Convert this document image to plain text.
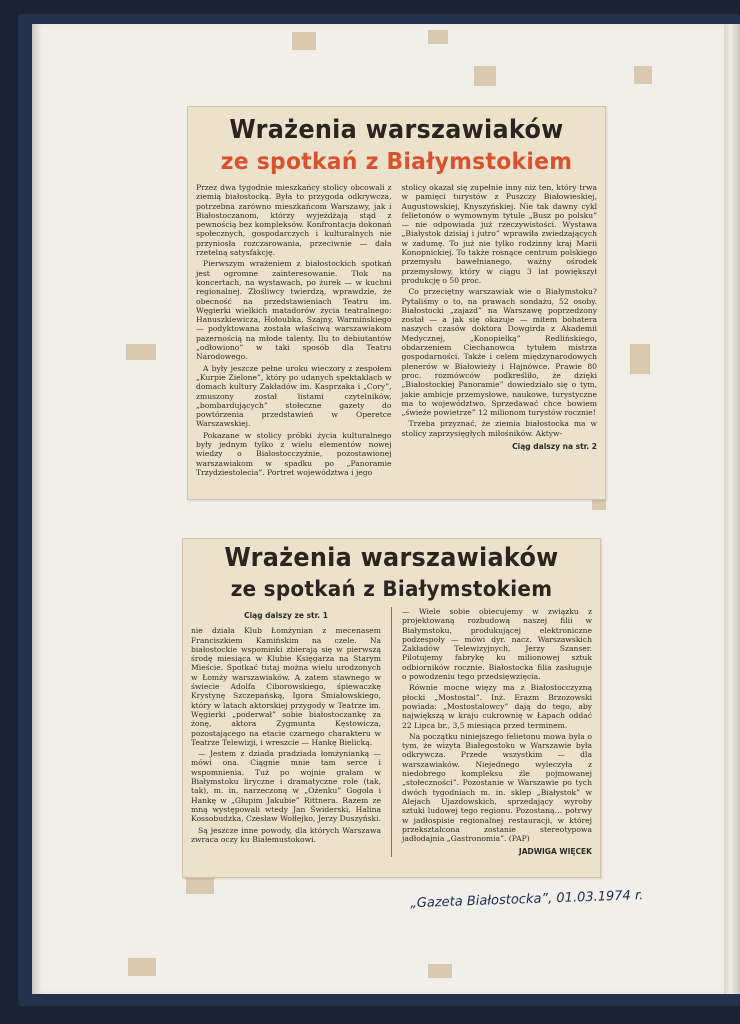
Wrażenia warszawiaków
ze spotkań z Białymstokiem

Przez dwa tygodnie mieszkańcy stolicy obcowali z ziemią białostocką. Była to przygoda odkrywcza, potrzebna zarówno mieszkańcom Warszawy, jak i Białostoczanom, którzy wyjeżdżają stąd z pewnością bez kompleksów. Konfrontacja dokonań społecznych, gospodarczych i kulturalnych nie przyniosła rozczarowania, przeciwnie — dała rzetelną satysfakcję.

Pierwszym wrażeniem z białostockich spotkań jest ogromne zainteresowanie. Tłok na koncertach, na wystawach, po żurek — w kuchni regionalnej. Złośliwcy twierdzą, wprawdzie, że obecność na przedstawieniach Teatru im. Węgierki wielkich matadorów życia teatralnego: Hanuszkiewicza, Hołoubka, Szajny, Warmińskiego — podyktowana została właściwą warszawiakom pazernością na młode talenty. Ilu to debiutantów „odłowiono” w taki sposób dla Teatru Narodowego.

A były jeszcze pełne uroku wieczory z zespołem „Kurpie Zielone”, który po udanych spektaklach w domach kultury Zakładów im. Kasprzaka i „Cory”, zmuszony został listami czytelników, „bombardujących” stołeczne gazety do powtórzenia przedstawień w Operetce Warszawskiej.

Pokazane w stolicy próbki życia kulturalnego były jednym tylko z wielu elementów nowej wiedzy o Białostocczyźnie, pozostawionej warszawiakom w spadku po „Panoramie Trzydziestolecia”. Portret województwa i jego

stolicy okazał się zupełnie inny niż ten, który trwa w pamięci turystów z Puszczy Białowieskiej, Augustowskiej, Knyszyńskiej. Nie tak dawny cykl felietonów o wymownym tytule „Busz po polsku” — nie odpowiada już rzeczywistości. Wystawa „Białystok dzisiaj i jutro” wprawiła zwiedzających w zadumę. To już nie tylko rodzinny kraj Marii Konopnickiej. To także rosnące centrum polskiego przemysłu bawełnianego, ważny ośrodek przemysłowy, który w ciągu 3 lat powiększył produkcję o 50 proc.

Co przeciętny warszawiak wie o Białymstoku? Pytaliśmy o to, na prawach sondażu, 52 osoby. Białostocki „zajazd” na Warszawę poprzedzony został — a jak się okazuje — mitem bohatera naszych czasów doktora Dowgirda z Akademii Medycznej, „Konopielką” Redlińskiego, obdarzeniem Ciechanowca tytułem mistrza gospodarności. Także i celem międzynarodowych plenerów w Białowieży i Hajnówce. Prawie 80 proc. rozmówców podkreśliło, że dzięki „Białostockiej Panoramie” dowiedziało się o tym, jakie ambicje przemysłowe, naukowe, turystyczne ma to województwo. Sprzedawać chce bowiem „świeże powietrze” 12 milionom turystów rocznie!

Trzeba przyznać, że ziemia białostocka ma w stolicy zaprzysięgłych miłośników. Aktyw-

Ciąg dalszy na str. 2
Wrażenia warszawiaków
ze spotkań z Białymstokiem
Ciąg dalszy ze str. 1

nie działa Klub Łomżynian z mecenasem Franciszkiem Kamińskim na czele. Na białostockie wspominki zbierają się w pierwszą środę miesiąca w Klubie Księgarza na Starym Mieście. Spotkać tutaj można wielu urodzonych w Łomży warszawiaków. A zatem stawnego w świecie Adolfa Ciborowskiego, śpiewaczkę Krystynę Szczepańską, Igora Śmiałowskiego, który w latach aktorskiej przygody w Teatrze im. Węgierki „poderwał” sobie białostoczankę za żonę, aktora Zygmunta Kęstowicza, pozostającego na etacie czarnego charakteru w Teatrze Telewizji, i wreszcie — Hankę Bielicką.

— Jestem z dziada pradziada łomżynianką — mówi ona. Ciągnie mnie tam serce i wspomnienia. Tuż po wojnie grałam w Białymstoku liryczne i dramatyczne role (tak, tak), m. in. narzeczoną w „Ożenku” Gogola i Hankę w „Głupim Jakubie” Rittnera. Razem ze mną występowali wtedy Jan Świderski, Halina Kossobudzka, Czesław Wołłejko, Jerzy Duszyński.

Są jeszcze inne powody, dla których Warszawa zwraca oczy ku Białemustokowi.

— Wiele sobie obiecujemy w związku z projektowaną rozbudową naszej filii w Białymstoku, produkującej elektroniczne podzespoły — mówi dyr. nacz. Warszawskich Zakładów Telewizyjnych, Jerzy Szanser. Pilotujemy fabrykę ku milionowej sztuk odbiorników rocznie. Białostocka filia zasługuje o powodzeniu tego przedsięwzięcia.

Równie mocne więzy ma z Białostocczyzną płocki „Mostostal”. Inż. Erazm Brzozowski powiada: „Mostostalowcy” dają do tego, aby największą w kraju cukrownię w Łapach oddać 22 Lipca br., 3,5 miesiąca przed terminem.

Na początku niniejszego felietonu mowa była o tym, że wizyta Białegostoku w Warszawie była odkrywcza. Przede wszystkim — dla warszawiaków. Niejednego wyleczyła z niedobrego kompleksu źle pojmowanej „stołeczności”. Pozostanie w Warszawie po tych dwóch tygodniach m. in. sklep „Białystok” w Alejach Ujazdowskich, sprzedający wyroby sztuki ludowej tego regionu. Pozostaną… potrwy w jadłospisie regionalnej restauracji, w której przekształcona zostanie stereotypowa jadłodajnia „Gastronomia”. (PAP)

JADWIGA WIĘCEK
„Gazeta Białostocka”, 01.03.1974 r.
